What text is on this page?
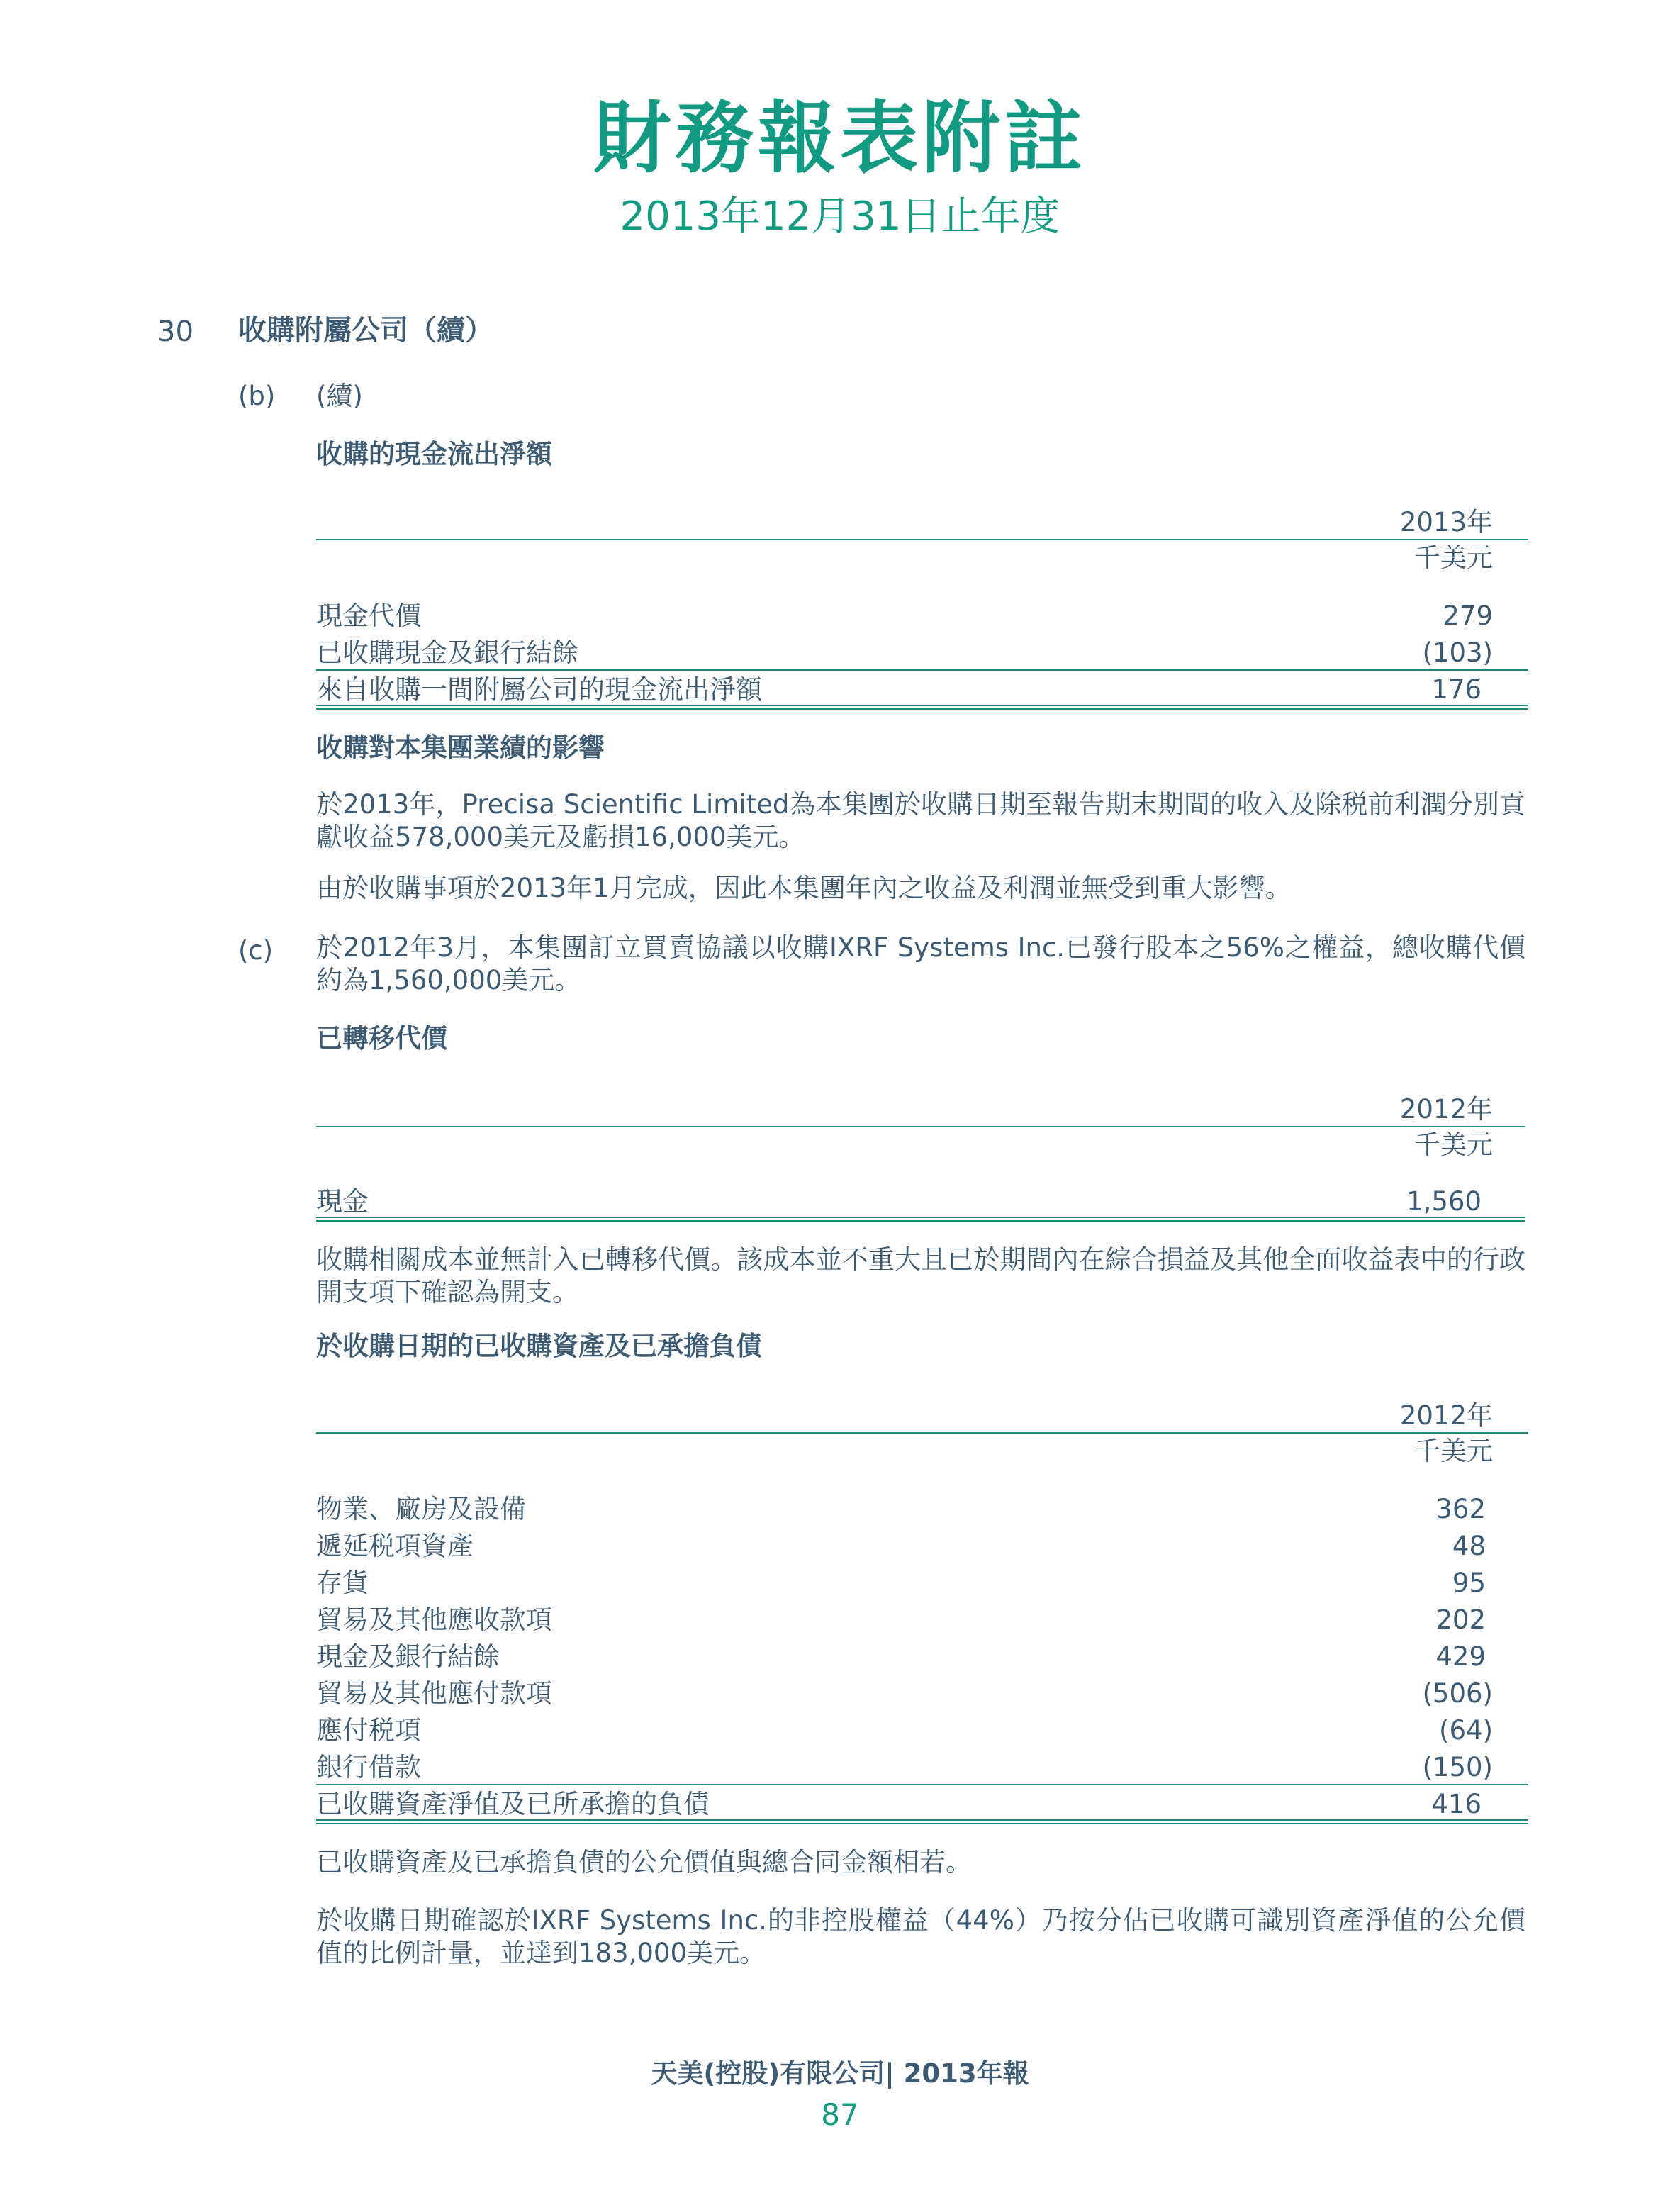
財務報表附註
2013年12月31日止年度
30 收購附屬公司（續）
(b) (續)
收購的現金流出淨額
2013年
千美元
現金代價	279
已收購現金及銀行結餘	(103)
來自收購一間附屬公司的現金流出淨額	176
收購對本集團業績的影響
於2013年，Precisa Scientific Limited為本集團於收購日期至報告期末期間的收入及除税前利潤分別貢獻收益578,000美元及虧損16,000美元。
由於收購事項於2013年1月完成，因此本集團年內之收益及利潤並無受到重大影響。
(c) 於2012年3月，本集團訂立買賣協議以收購IXRF Systems Inc.已發行股本之56%之權益，總收購代價約為1,560,000美元。
已轉移代價
2012年
千美元
現金	1,560
收購相關成本並無計入已轉移代價。該成本並不重大且已於期間內在綜合損益及其他全面收益表中的行政開支項下確認為開支。
於收購日期的已收購資產及已承擔負債
2012年
千美元
物業、廠房及設備	362
遞延税項資產	48
存貨	95
貿易及其他應收款項	202
現金及銀行結餘	429
貿易及其他應付款項	(506)
應付税項	(64)
銀行借款	(150)
已收購資產淨值及已所承擔的負債	416
已收購資產及已承擔負債的公允價值與總合同金額相若。
於收購日期確認於IXRF Systems Inc.的非控股權益（44%）乃按分佔已收購可識別資產淨值的公允價值的比例計量，並達到183,000美元。
天美(控股)有限公司| 2013年報
87
